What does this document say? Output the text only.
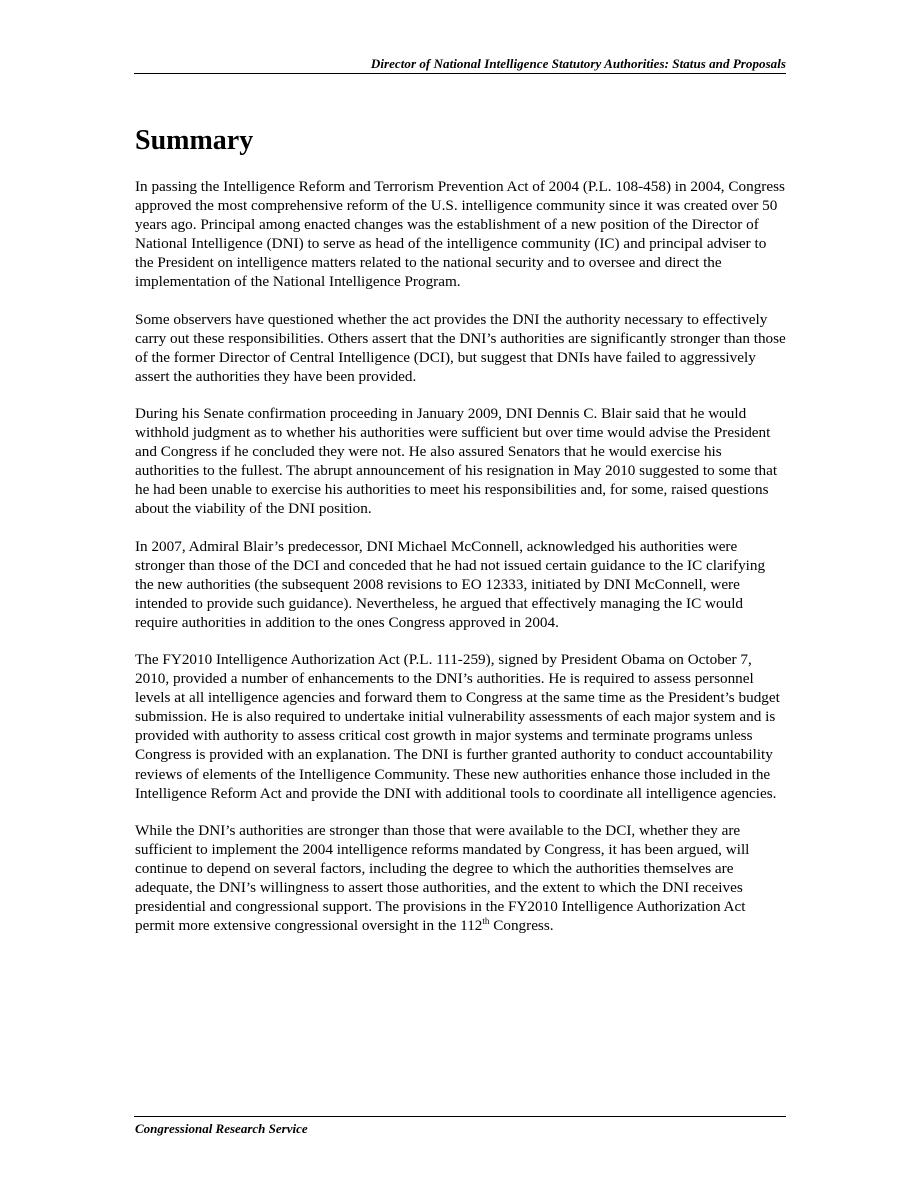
Director of National Intelligence Statutory Authorities: Status and Proposals
Summary

In passing the Intelligence Reform and Terrorism Prevention Act of 2004 (P.L. 108-458) in 2004, Congress approved the most comprehensive reform of the U.S. intelligence community since it was created over 50 years ago. Principal among enacted changes was the establishment of a new position of the Director of National Intelligence (DNI) to serve as head of the intelligence community (IC) and principal adviser to the President on intelligence matters related to the national security and to oversee and direct the implementation of the National Intelligence Program.

Some observers have questioned whether the act provides the DNI the authority necessary to effectively carry out these responsibilities. Others assert that the DNI’s authorities are significantly stronger than those of the former Director of Central Intelligence (DCI), but suggest that DNIs have failed to aggressively assert the authorities they have been provided.

During his Senate confirmation proceeding in January 2009, DNI Dennis C. Blair said that he would withhold judgment as to whether his authorities were sufficient but over time would advise the President and Congress if he concluded they were not. He also assured Senators that he would exercise his authorities to the fullest. The abrupt announcement of his resignation in May 2010 suggested to some that he had been unable to exercise his authorities to meet his responsibilities and, for some, raised questions about the viability of the DNI position.

In 2007, Admiral Blair’s predecessor, DNI Michael McConnell, acknowledged his authorities were stronger than those of the DCI and conceded that he had not issued certain guidance to the IC clarifying the new authorities (the subsequent 2008 revisions to EO 12333, initiated by DNI McConnell, were intended to provide such guidance). Nevertheless, he argued that effectively managing the IC would require authorities in addition to the ones Congress approved in 2004.

The FY2010 Intelligence Authorization Act (P.L. 111-259), signed by President Obama on October 7, 2010, provided a number of enhancements to the DNI’s authorities. He is required to assess personnel levels at all intelligence agencies and forward them to Congress at the same time as the President’s budget submission. He is also required to undertake initial vulnerability assessments of each major system and is provided with authority to assess critical cost growth in major systems and terminate programs unless Congress is provided with an explanation. The DNI is further granted authority to conduct accountability reviews of elements of the Intelligence Community. These new authorities enhance those included in the Intelligence Reform Act and provide the DNI with additional tools to coordinate all intelligence agencies.

While the DNI’s authorities are stronger than those that were available to the DCI, whether they are sufficient to implement the 2004 intelligence reforms mandated by Congress, it has been argued, will continue to depend on several factors, including the degree to which the authorities themselves are adequate, the DNI’s willingness to assert those authorities, and the extent to which the DNI receives presidential and congressional support. The provisions in the FY2010 Intelligence Authorization Act permit more extensive congressional oversight in the 112th Congress.

Congressional Research Service
